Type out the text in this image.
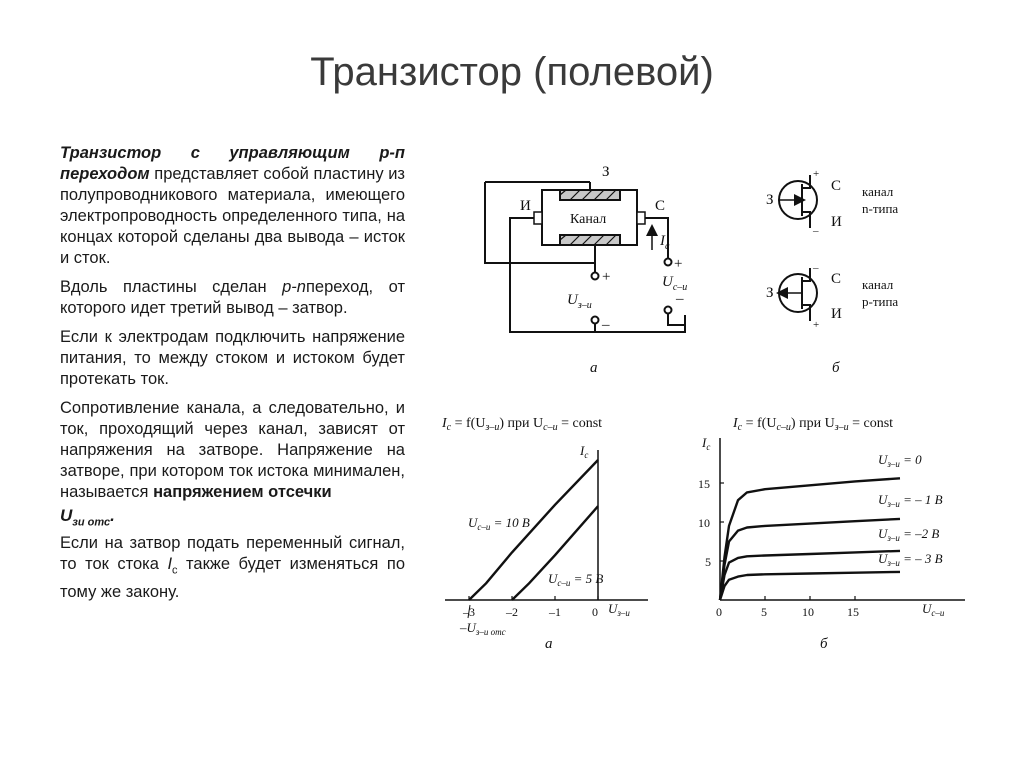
Транзистор (полевой)

Транзистор с управляющим p-п переходом представляет собой пластину из полупроводникового материала, имеющего электропроводность определенного типа, на концах которой сделаны два вывода – исток и сток.

Вдоль пластины сделан p-nпереход, от которого идет третий вывод – затвор.

Если к электродам подключить напряжение питания, то между стоком и истоком будет протекать ток.

Сопротивление канала, а следовательно, и ток, проходящий через канал, зависят от напряжения на затворе. Напряжение на затворе, при котором ток истока минимален, называется напряжением отсечки

$U_{зи отс}$.

Если на затвор подать переменный сигнал, то ток стока $I_с$ также будет изменяться по тому же закону.

З
И	С
Канал
$I_с$
+
–
$U_{з-и}$
+
–
$U_{с-и}$
а
З
С
И
+
–
канал
n-типа
З
С
И
–
+
канал
p-типа
б
$I_с = f(U_{з-и})$ при $U_{с-и}$ = const
$U_{з-и}$
$I_с$
–3	–2	–1	0
$U_{с-и} = 10$ В
$U_{с-и} = 5$ В
$-U_{з-и отс}$
а
$I_с = f(U_{с-и})$ при $U_{з-и}$ = const
$U_{с-и}$
$I_с$
0	5	10	15
5
10
15
$U_{з-и} = 0$
$U_{з-и}$ = – 1 В
$U_{з-и} = -2$ В
$U_{з-и}$ = – 3 В
б
